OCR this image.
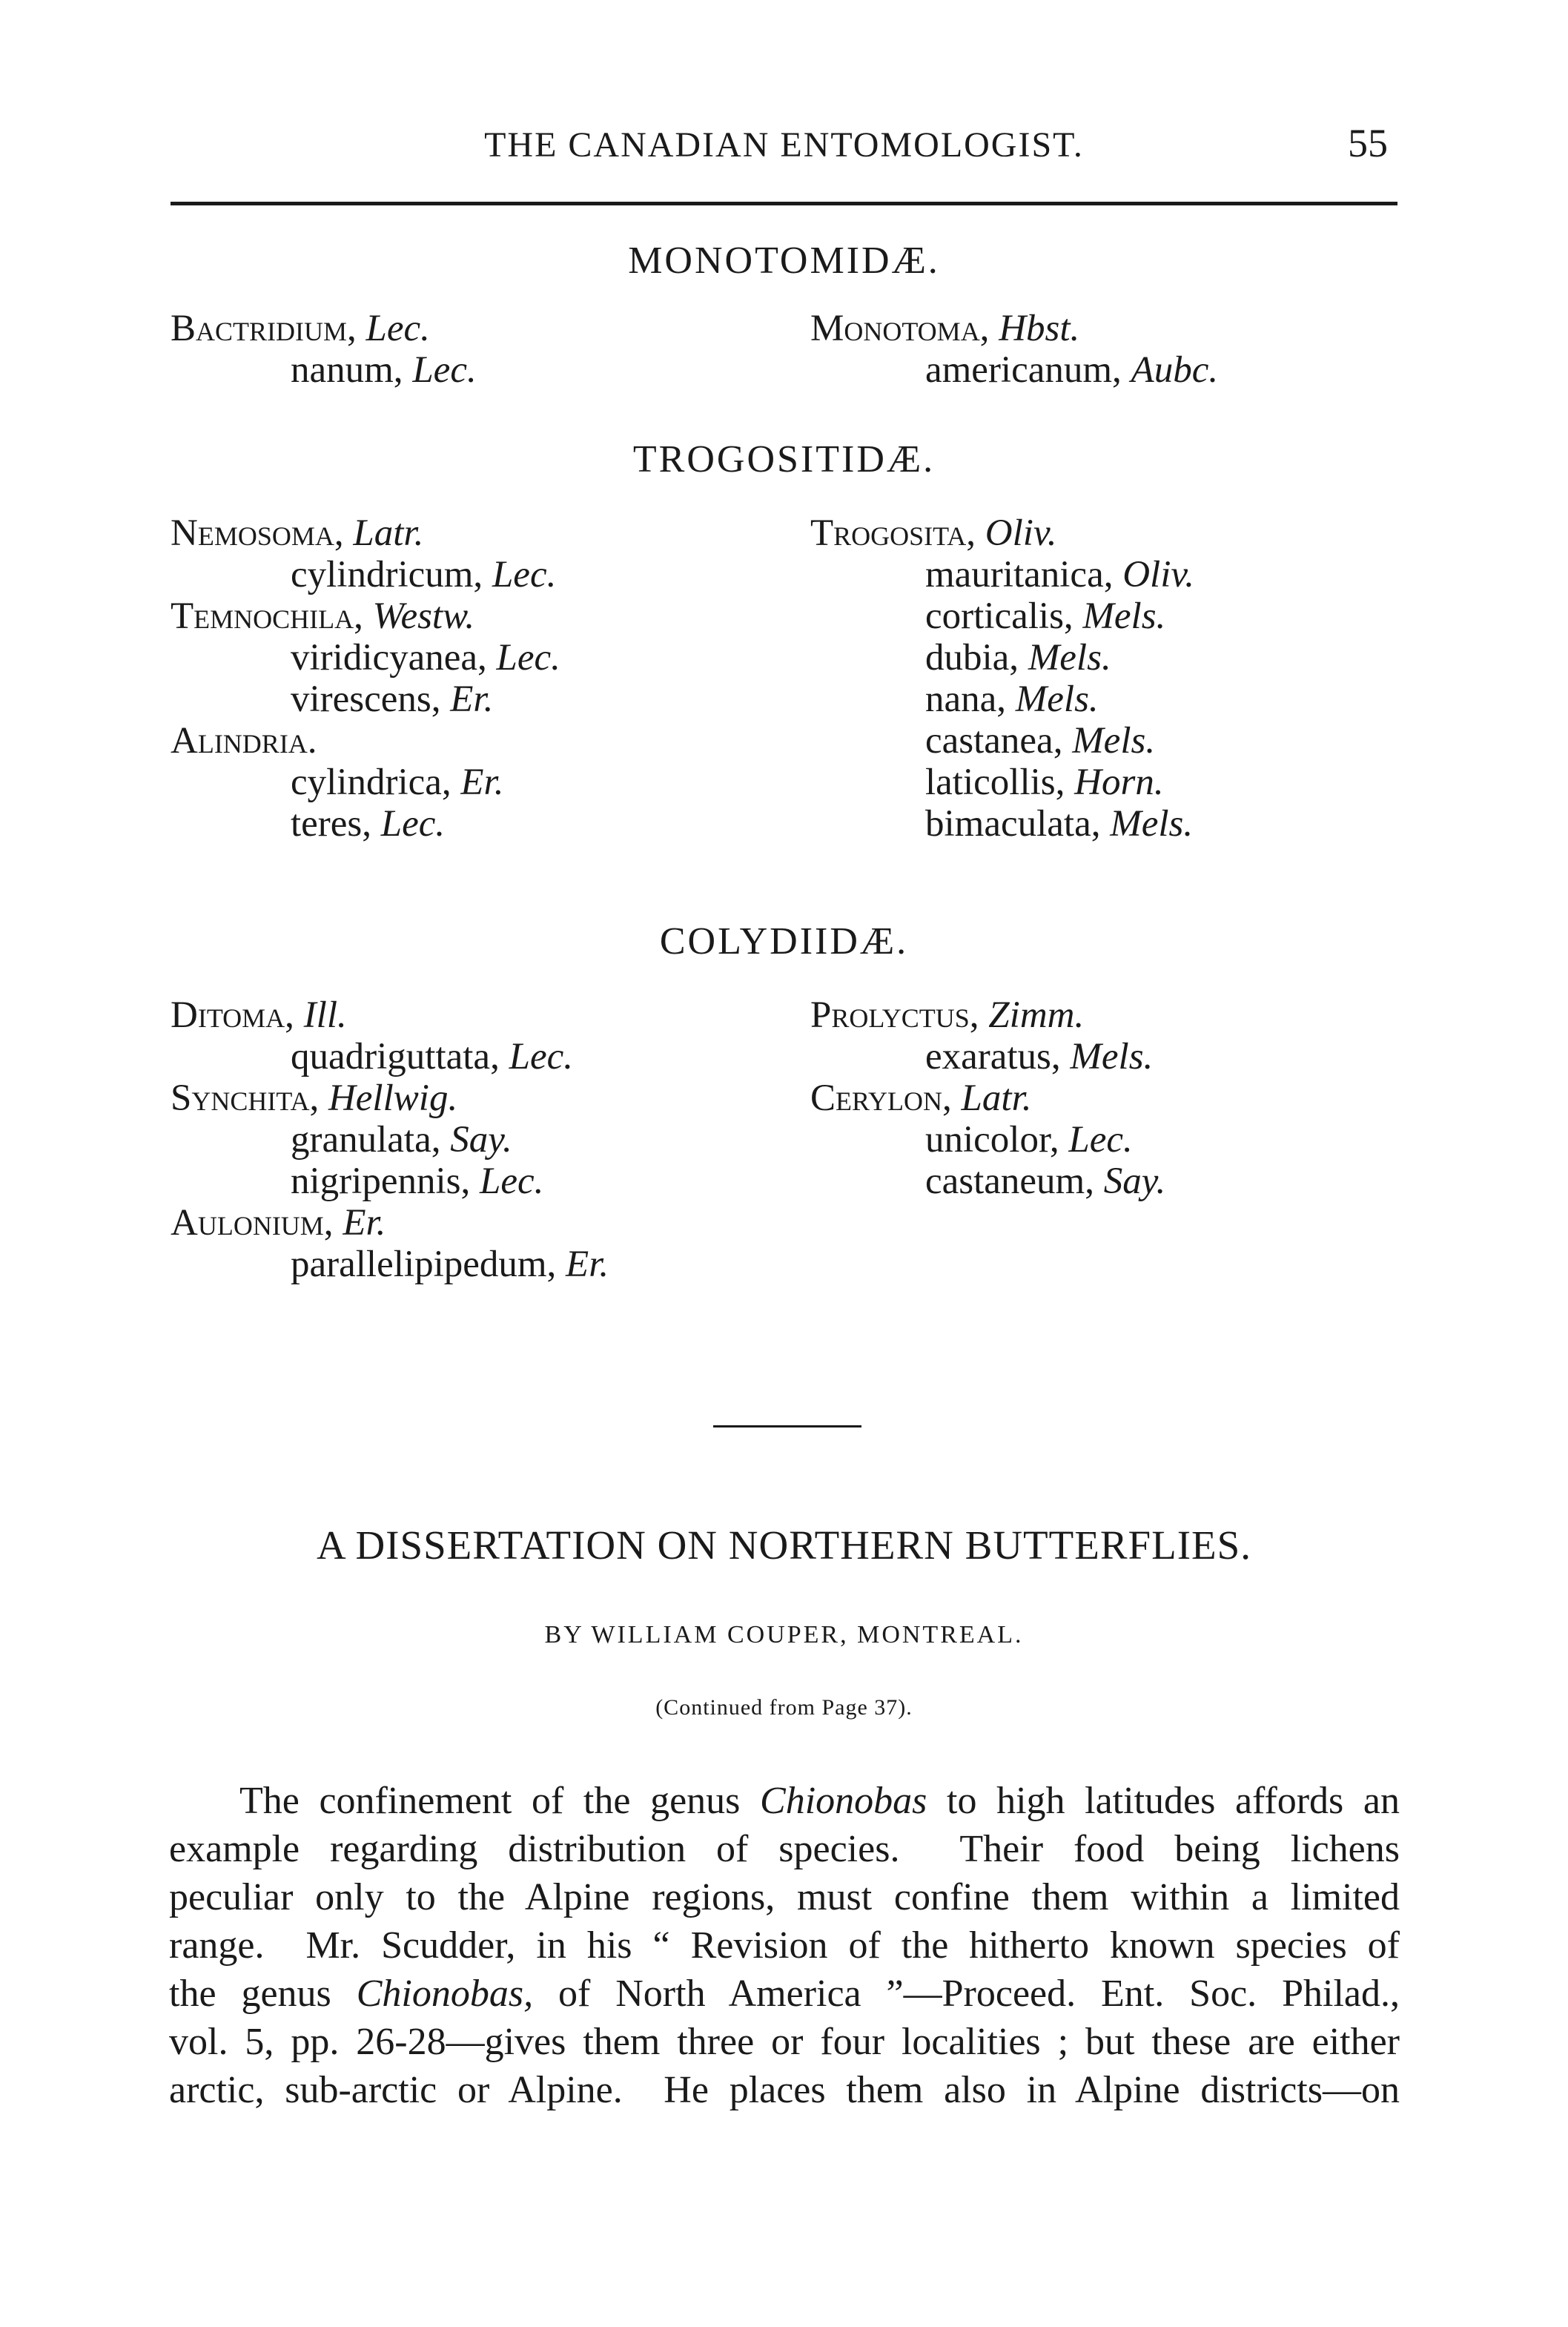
THE CANADIAN ENTOMOLOGIST.	55
MONOTOMIDÆ.
Bactridium, Lec.
nanum, Lec.
Monotoma, Hbst.
americanum, Aubc.
TROGOSITIDÆ.
Nemosoma, Latr.
cylindricum, Lec.
Temnochila, Westw.
viridicyanea, Lec.
virescens, Er.
Alindria.
cylindrica, Er.
teres, Lec.
Trogosita, Oliv.
mauritanica, Oliv.
corticalis, Mels.
dubia, Mels.
nana, Mels.
castanea, Mels.
laticollis, Horn.
bimaculata, Mels.
COLYDIIDÆ.
Ditoma, Ill.
quadriguttata, Lec.
Synchita, Hellwig.
granulata, Say.
nigripennis, Lec.
Aulonium, Er.
parallelipipedum, Er.
Prolyctus, Zimm.
exaratus, Mels.
Cerylon, Latr.
unicolor, Lec.
castaneum, Say.
A DISSERTATION ON NORTHERN BUTTERFLIES.
BY WILLIAM COUPER, MONTREAL.
(Continued from Page 37).
The confinement of the genus Chionobas to high latitudes affords an
example regarding distribution of species.  Their food being lichens
peculiar only to the Alpine regions, must confine them within a limited
range.  Mr. Scudder, in his “ Revision of the hitherto known species of
the genus Chionobas, of North America ”—Proceed. Ent. Soc. Philad.,
vol. 5, pp. 26-28—gives them three or four localities ; but these are either
arctic, sub-arctic or Alpine.  He places them also in Alpine districts—on
